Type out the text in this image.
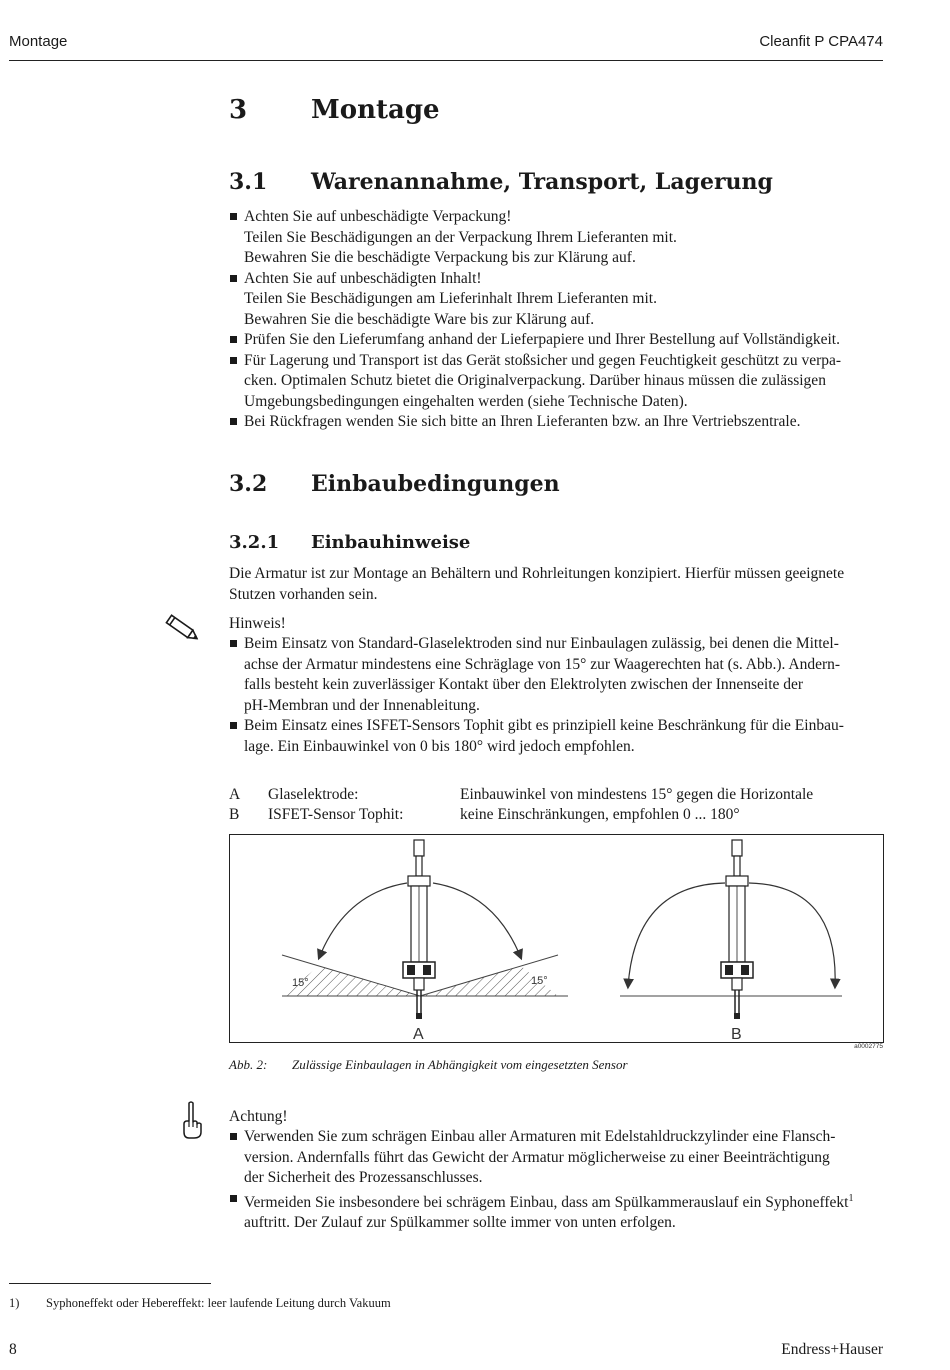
Montage	Cleanfit P CPA474
3 Montage
3.1 Warenannahme, Transport, Lagerung
Achten Sie auf unbeschädigte Verpackung!
Teilen Sie Beschädigungen an der Verpackung Ihrem Lieferanten mit.
Bewahren Sie die beschädigte Verpackung bis zur Klärung auf.
Achten Sie auf unbeschädigten Inhalt!
Teilen Sie Beschädigungen am Lieferinhalt Ihrem Lieferanten mit.
Bewahren Sie die beschädigte Ware bis zur Klärung auf.
Prüfen Sie den Lieferumfang anhand der Lieferpapiere und Ihrer Bestellung auf Vollständigkeit.
Für Lagerung und Transport ist das Gerät stoßsicher und gegen Feuchtigkeit geschützt zu verpa-
cken. Optimalen Schutz bietet die Originalverpackung. Darüber hinaus müssen die zulässigen
Umgebungsbedingungen eingehalten werden (siehe Technische Daten).
Bei Rückfragen wenden Sie sich bitte an Ihren Lieferanten bzw. an Ihre Vertriebszentrale.
3.2 Einbaubedingungen
3.2.1 Einbauhinweise
Die Armatur ist zur Montage an Behältern und Rohrleitungen konzipiert. Hierfür müssen geeignete
Stutzen vorhanden sein.
Hinweis!
Beim Einsatz von Standard-Glaselektroden sind nur Einbaulagen zulässig, bei denen die Mittel-
achse der Armatur mindestens eine Schräglage von 15° zur Waagerechten hat (s. Abb.). Andern-
falls besteht kein zuverlässiger Kontakt über den Elektrolyten zwischen der Innenseite der
pH-Membran und der Innenableitung.
Beim Einsatz eines ISFET-Sensors Tophit gibt es prinzipiell keine Beschränkung für die Einbau-
lage. Ein Einbauwinkel von 0 bis 180° wird jedoch empfohlen.
A Glaselektrode:	Einbauwinkel von mindestens 15° gegen die Horizontale
B ISFET-Sensor Tophit:	keine Einschränkungen, empfohlen 0 ... 180°
15°	15°
A	B
a0002775
Abb. 2: Zulässige Einbaulagen in Abhängigkeit vom eingesetzten Sensor
Achtung!
Verwenden Sie zum schrägen Einbau aller Armaturen mit Edelstahldruckzylinder eine Flansch-
version. Andernfalls führt das Gewicht der Armatur möglicherweise zu einer Beeinträchtigung
der Sicherheit des Prozessanschlusses.
Vermeiden Sie insbesondere bei schrägem Einbau, dass am Spülkammerauslauf ein Syphoneffekt$^1$
auftritt. Der Zulauf zur Spülkammer sollte immer von unten erfolgen.
1) Syphoneffekt oder Hebereffekt: leer laufende Leitung durch Vakuum
8	Endress+Hauser
